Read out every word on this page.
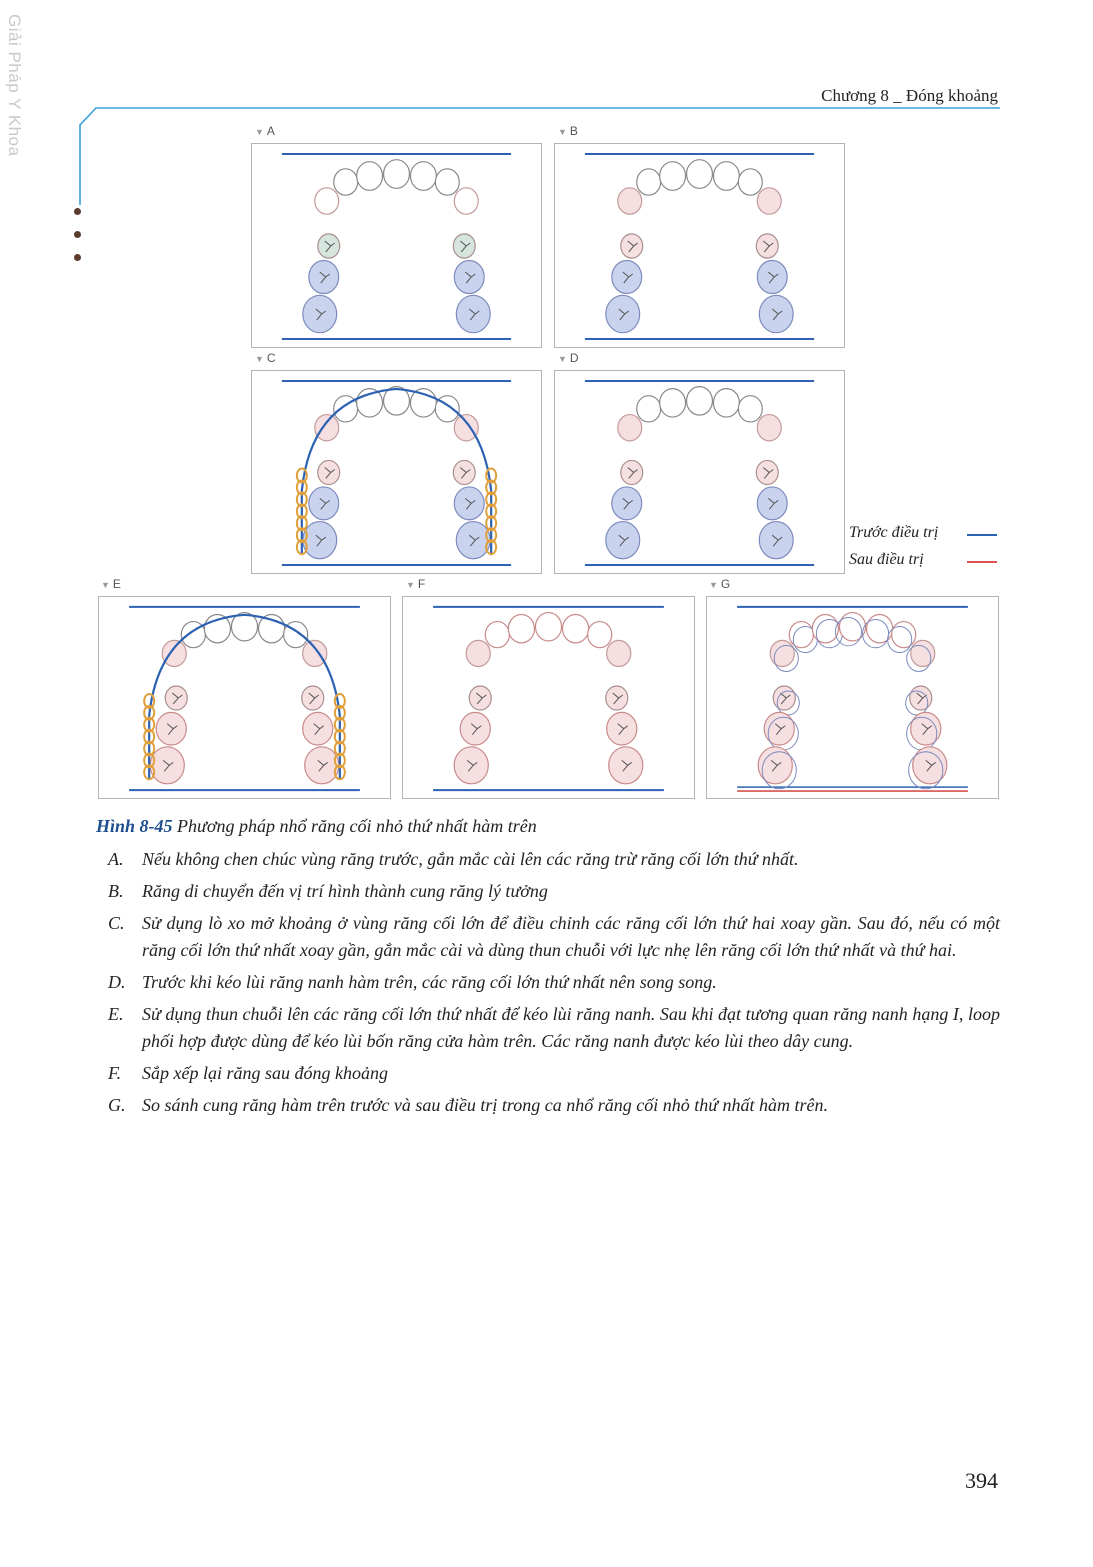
Giải Pháp Y Khoa	Chương 8 _ Đóng khoảng
▼ A	▼ B
▼ C	▼ D
▼ E	▼ F	▼ G
Trước điều trị
Sau điều trị
Hình 8-45 Phương pháp nhổ răng cối nhỏ thứ nhất hàm trên
A.	Nếu không chen chúc vùng răng trước, gắn mắc cài lên các răng trừ răng cối lớn thứ nhất.
B.	Răng di chuyển đến vị trí hình thành cung răng lý tưởng
C. Sử dụng lò xo mở khoảng ở vùng răng cối lớn để điều chỉnh các răng cối lớn thứ hai xoay gần. Sau đó, nếu có một răng cối lớn thứ nhất xoay gần, gắn mắc cài và dùng thun chuỗi với lực nhẹ lên răng cối lớn thứ nhất và thứ hai.
D. Trước khi kéo lùi răng nanh hàm trên, các răng cối lớn thứ nhất nên song song.
E.	Sử dụng thun chuỗi lên các răng cối lớn thứ nhất để kéo lùi răng nanh. Sau khi đạt tương quan răng nanh hạng I, loop phối hợp được dùng để kéo lùi bốn răng cửa hàm trên. Các răng nanh được kéo lùi theo dây cung.
F.	Sắp xếp lại răng sau đóng khoảng
G. So sánh cung răng hàm trên trước và sau điều trị trong ca nhổ răng cối nhỏ thứ nhất hàm trên.
394
